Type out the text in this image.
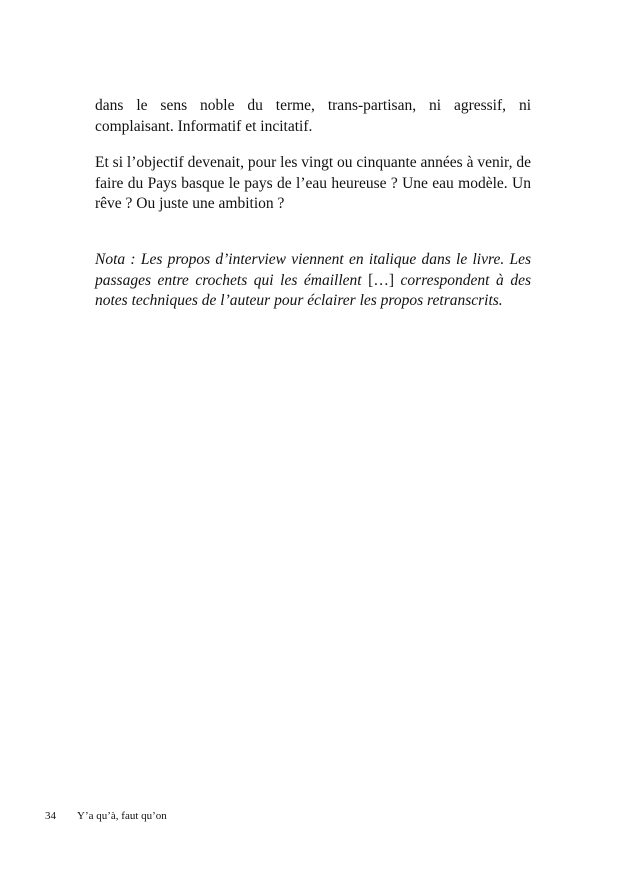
dans le sens noble du terme, trans-partisan, ni agressif, ni complaisant. Informatif et incitatif.

Et si l’objectif devenait, pour les vingt ou cinquante années à venir, de faire du Pays basque le pays de l’eau heureuse ? Une eau modèle. Un rêve ? Ou juste une ambition ?

Nota : Les propos d’interview viennent en italique dans le livre. Les passages entre crochets qui les émaillent […] correspondent à des notes techniques de l’auteur pour éclairer les propos retranscrits.

34 Y’a qu’à, faut qu’on
